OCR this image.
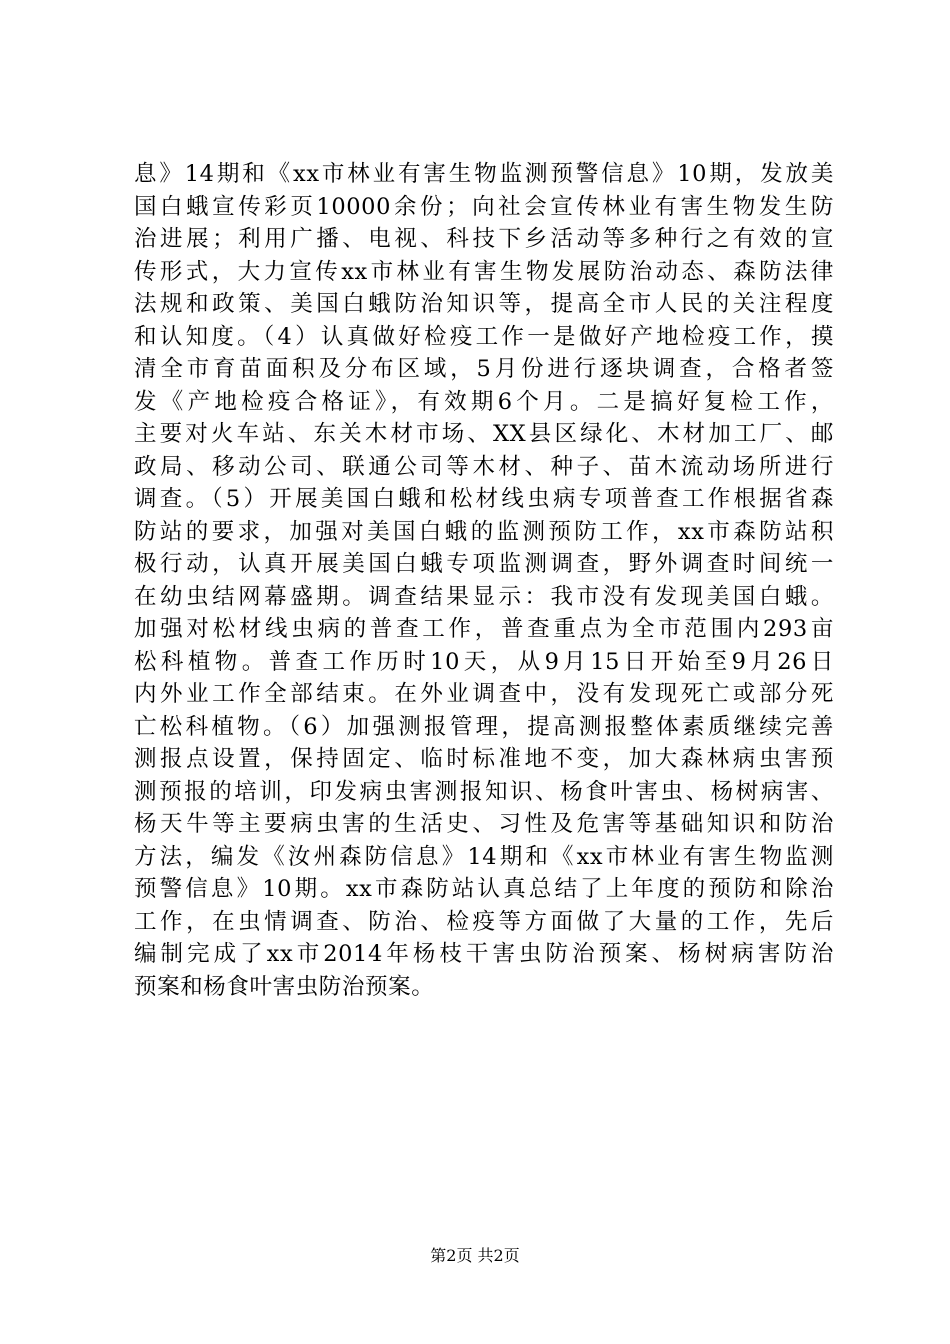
息》14期和《xx市林业有害生物监测预警信息》10期，发放美
国白蛾宣传彩页10000余份；向社会宣传林业有害生物发生防
治进展；利用广播、电视、科技下乡活动等多种行之有效的宣
传形式，大力宣传xx市林业有害生物发展防治动态、森防法律
法规和政策、美国白蛾防治知识等，提高全市人民的关注程度
和认知度。（4）认真做好检疫工作一是做好产地检疫工作，摸
清全市育苗面积及分布区域，5月份进行逐块调查，合格者签
发《产地检疫合格证》，有效期6个月。二是搞好复检工作，
主要对火车站、东关木材市场、XX县区绿化、木材加工厂、邮
政局、移动公司、联通公司等木材、种子、苗木流动场所进行
调查。（5）开展美国白蛾和松材线虫病专项普查工作根据省森
防站的要求，加强对美国白蛾的监测预防工作，xx市森防站积
极行动，认真开展美国白蛾专项监测调查，野外调查时间统一
在幼虫结网幕盛期。调查结果显示：我市没有发现美国白蛾。
加强对松材线虫病的普查工作，普查重点为全市范围内293亩
松科植物。普查工作历时10天，从9月15日开始至9月26日
内外业工作全部结束。在外业调查中，没有发现死亡或部分死
亡松科植物。（6）加强测报管理，提高测报整体素质继续完善
测报点设置，保持固定、临时标准地不变，加大森林病虫害预
测预报的培训，印发病虫害测报知识、杨食叶害虫、杨树病害、
杨天牛等主要病虫害的生活史、习性及危害等基础知识和防治
方法，编发《汝州森防信息》14期和《xx市林业有害生物监测
预警信息》10期。xx市森防站认真总结了上年度的预防和除治
工作，在虫情调查、防治、检疫等方面做了大量的工作，先后
编制完成了xx市2014年杨枝干害虫防治预案、杨树病害防治
预案和杨食叶害虫防治预案。
第2页 共2页
